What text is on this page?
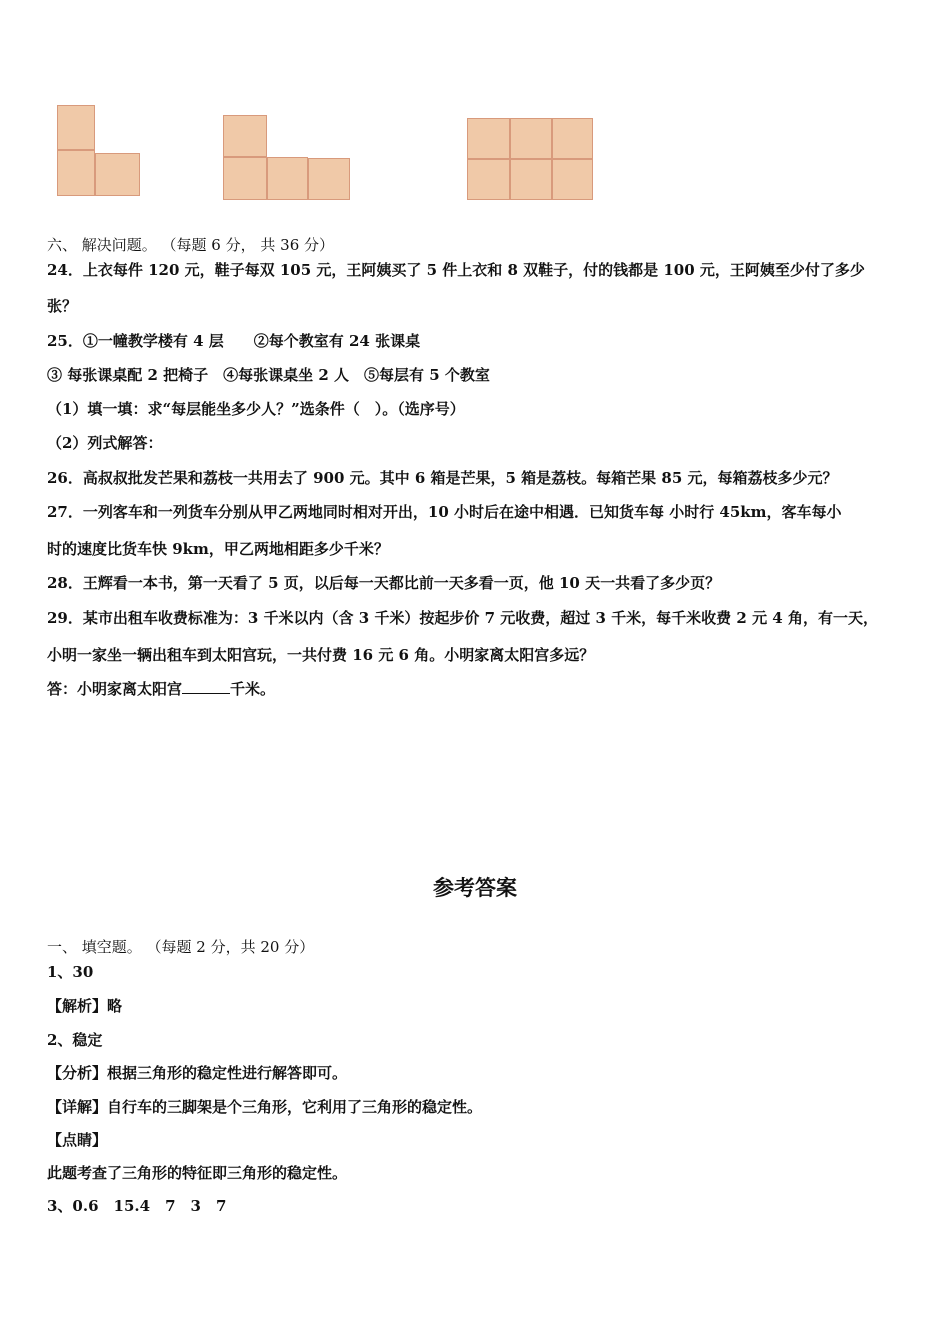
六、 解决问题。 （每题 6 分， 共 36 分）
24．上衣每件 120 元，鞋子每双 105 元，王阿姨买了 5 件上衣和 8 双鞋子，付的钱都是 100 元，王阿姨至少付了多少
张？
25．①一幢教学楼有 4 层　　②每个教室有 24 张课桌
③ 每张课桌配 2 把椅子　④每张课桌坐 2 人　⑤每层有 5 个教室
（1）填一填：求“每层能坐多少人？”选条件（　）。（选序号）
（2）列式解答：
26．高叔叔批发芒果和荔枝一共用去了 900 元。其中 6 箱是芒果，5 箱是荔枝。每箱芒果 85 元，每箱荔枝多少元？
27．一列客车和一列货车分别从甲乙两地同时相对开出，10 小时后在途中相遇．已知货车每 小时行 45km，客车每小
时的速度比货车快 9km，甲乙两地相距多少千米？
28．王辉看一本书，第一天看了 5 页，以后每一天都比前一天多看一页，他 10 天一共看了多少页？
29．某市出租车收费标准为：3 千米以内（含 3 千米）按起步价 7 元收费，超过 3 千米，每千米收费 2 元 4 角，有一天，
小明一家坐一辆出租车到太阳宫玩，一共付费 16 元 6 角。小明家离太阳宫多远？
答：小明家离太阳宫	千米。
参考答案
一、 填空题。 （每题 2 分，共 20 分）
1、30
【解析】略
2、稳定
【分析】根据三角形的稳定性进行解答即可。
【详解】自行车的三脚架是个三角形，它利用了三角形的稳定性。
【点睛】
此题考查了三角形的特征即三角形的稳定性。
3、0.6　15.4　7　3　7
